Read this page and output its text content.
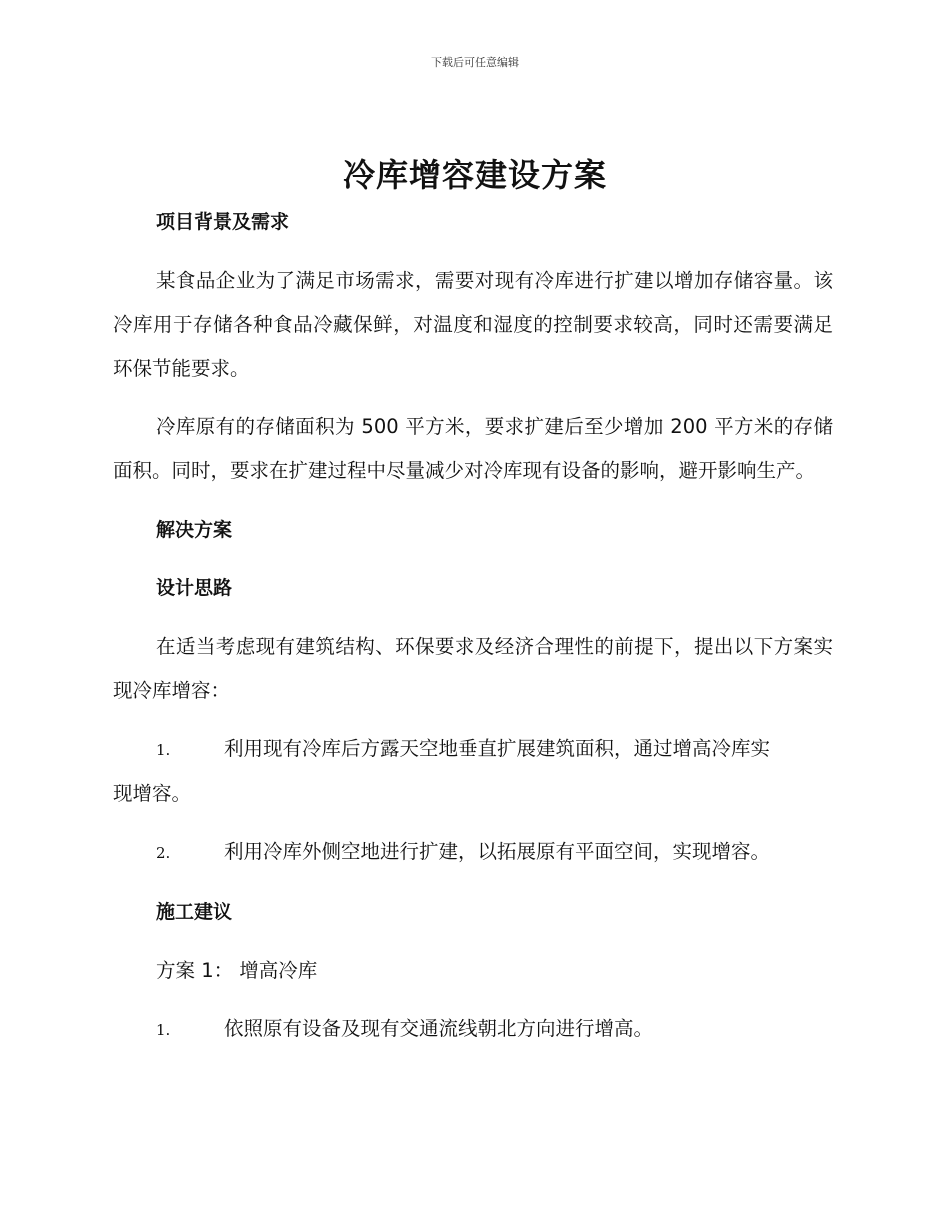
下载后可任意编辑
冷库增容建设方案

项目背景及需求

某食品企业为了满足市场需求，需要对现有冷库进行扩建以增加存储容量。该冷库用于存储各种食品冷藏保鲜，对温度和湿度的控制要求较高，同时还需要满足环保节能要求。

冷库原有的存储面积为 500 平方米，要求扩建后至少增加 200 平方米的存储面积。同时，要求在扩建过程中尽量减少对冷库现有设备的影响，避开影响生产。

解决方案

设计思路

在适当考虑现有建筑结构、环保要求及经济合理性的前提下，提出以下方案实现冷库增容：

1.	利用现有冷库后方露天空地垂直扩展建筑面积，通过增高冷库实
现增容。
2.	利用冷库外侧空地进行扩建，以拓展原有平面空间，实现增容。

施工建议

方案 1： 增高冷库

1.	依照原有设备及现有交通流线朝北方向进行增高。
